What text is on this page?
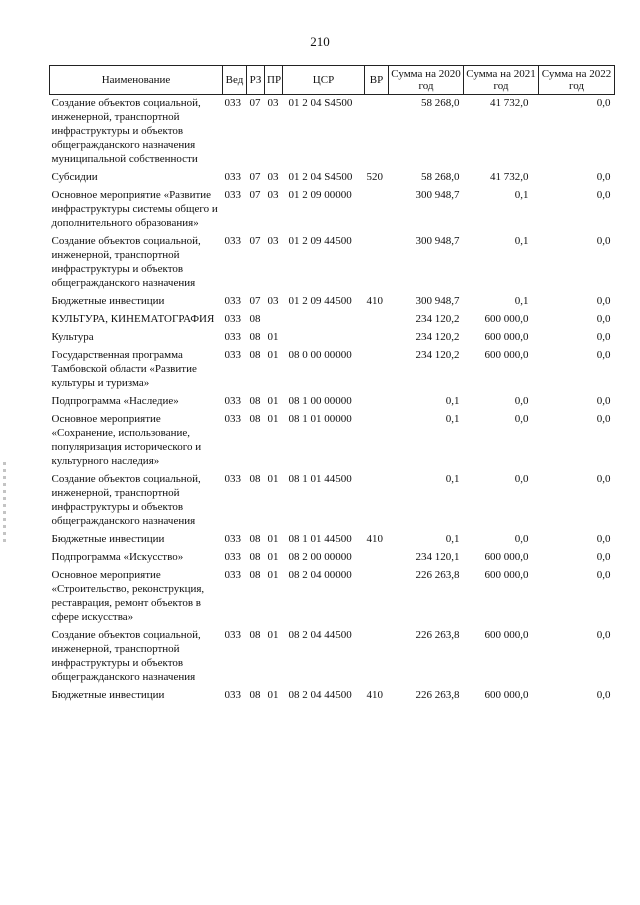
210
Наименование	Вед	РЗ	ПР	ЦСР	ВР	Сумма на 2020 год	Сумма на 2021 год	Сумма на 2022 год
Создание объектов социальной, инженерной, транспортной инфраструктуры и объектов общегражданского назначения муниципальной собственности	033	07	03	01 2 04 S4500		58 268,0	41 732,0	0,0
Субсидии	033	07	03	01 2 04 S4500	520	58 268,0	41 732,0	0,0
Основное мероприятие «Развитие инфраструктуры системы общего и дополнительного образования»	033	07	03	01 2 09 00000		300 948,7	0,1	0,0
Создание объектов социальной, инженерной, транспортной инфраструктуры и объектов общегражданского назначения	033	07	03	01 2 09 44500		300 948,7	0,1	0,0
Бюджетные инвестиции	033	07	03	01 2 09 44500	410	300 948,7	0,1	0,0
КУЛЬТУРА, КИНЕМАТОГРАФИЯ	033	08				234 120,2	600 000,0	0,0
Культура	033	08	01			234 120,2	600 000,0	0,0
Государственная программа Тамбовской области «Развитие культуры и туризма»	033	08	01	08 0 00 00000		234 120,2	600 000,0	0,0
Подпрограмма «Наследие»	033	08	01	08 1 00 00000		0,1	0,0	0,0
Основное мероприятие «Сохранение, использование, популяризация исторического и культурного наследия»	033	08	01	08 1 01 00000		0,1	0,0	0,0
Создание объектов социальной, инженерной, транспортной инфраструктуры и объектов общегражданского назначения	033	08	01	08 1 01 44500		0,1	0,0	0,0
Бюджетные инвестиции	033	08	01	08 1 01 44500	410	0,1	0,0	0,0
Подпрограмма «Искусство»	033	08	01	08 2 00 00000		234 120,1	600 000,0	0,0
Основное мероприятие «Строительство, реконструкция, реставрация, ремонт объектов в сфере искусства»	033	08	01	08 2 04 00000		226 263,8	600 000,0	0,0
Создание объектов социальной, инженерной, транспортной инфраструктуры и объектов общегражданского назначения	033	08	01	08 2 04 44500		226 263,8	600 000,0	0,0
Бюджетные инвестиции	033	08	01	08 2 04 44500	410	226 263,8	600 000,0	0,0
